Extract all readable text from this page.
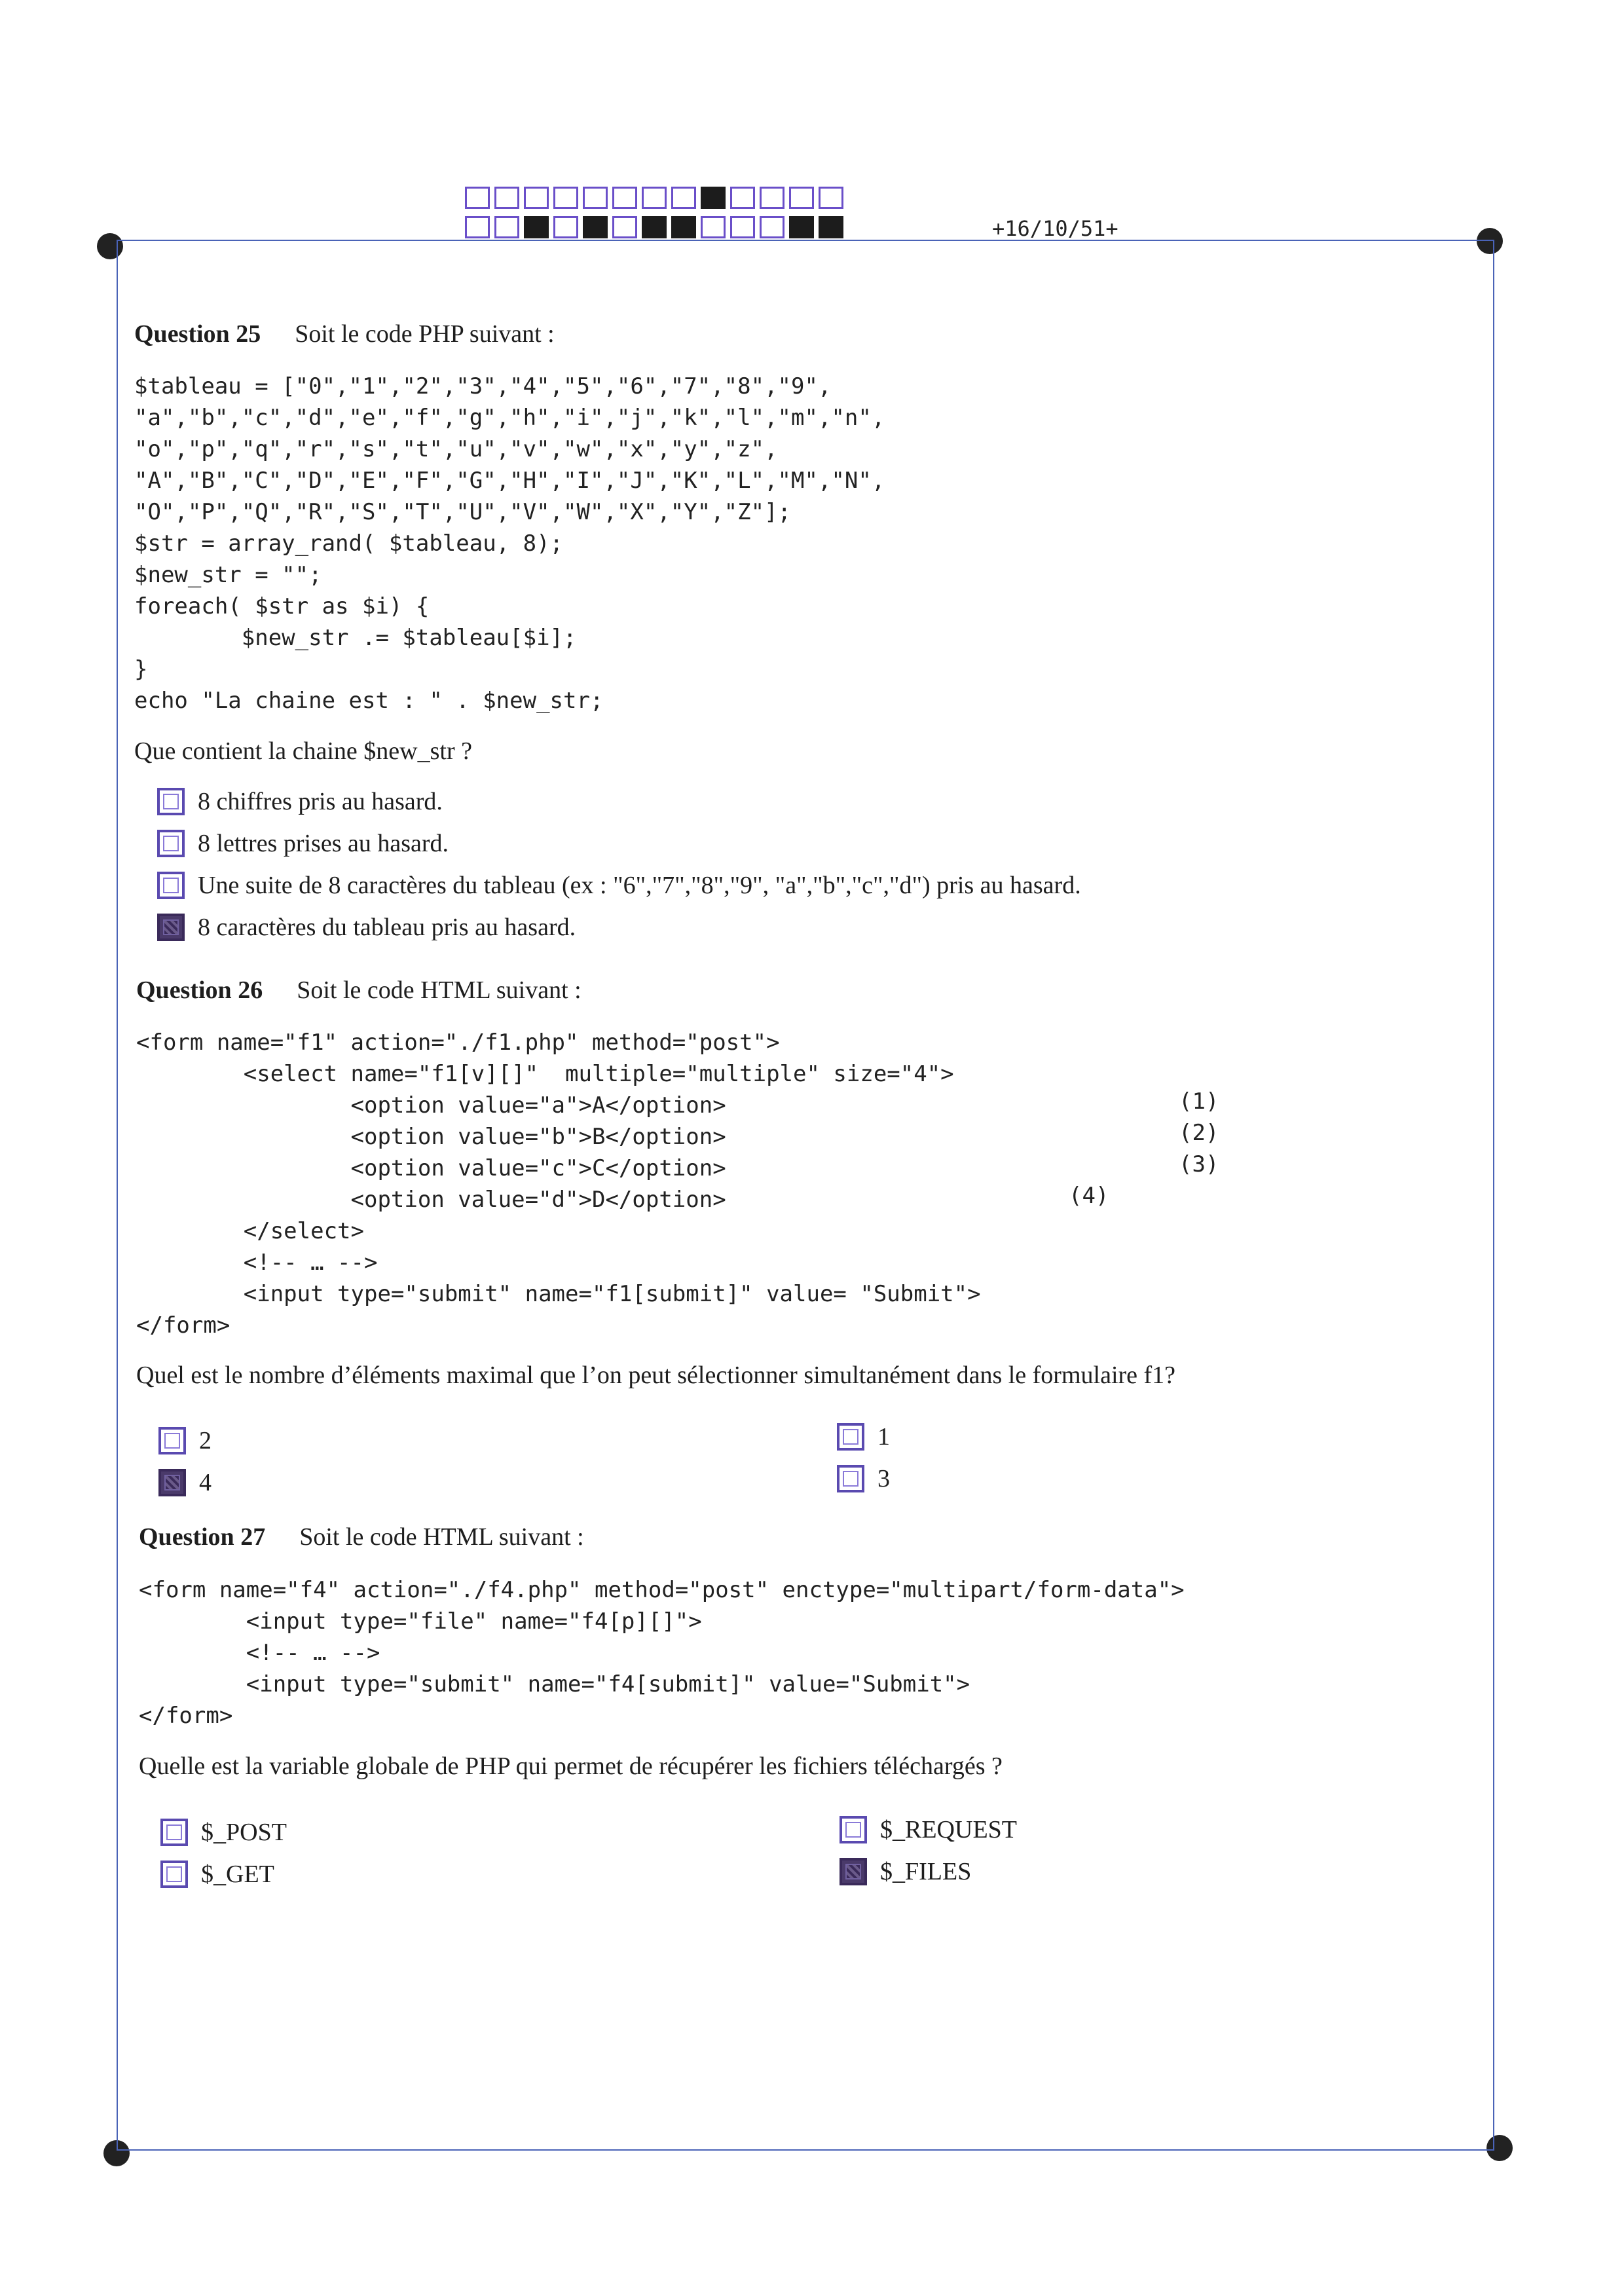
+16/10/51+
Question 25 Soit le code PHP suivant :
$tableau = ["0","1","2","3","4","5","6","7","8","9",
"a","b","c","d","e","f","g","h","i","j","k","l","m","n",
"o","p","q","r","s","t","u","v","w","x","y","z",
"A","B","C","D","E","F","G","H","I","J","K","L","M","N",
"O","P","Q","R","S","T","U","V","W","X","Y","Z"];
$str = array_rand( $tableau, 8);
$new_str = "";
foreach( $str as $i) {
$new_str .= $tableau[$i];
}
echo "La chaine est : " . $new_str;
Que contient la chaine $new_str ?
8 chiffres pris au hasard.
8 lettres prises au hasard.
Une suite de 8 caractères du tableau (ex : "6","7","8","9", "a","b","c","d") pris au hasard.
8 caractères du tableau pris au hasard.
Question 26 Soit le code HTML suivant :
<form name="f1" action="./f1.php" method="post">
<select name="f1[v][]"  multiple="multiple" size="4">
<option value="a">A</option>
<option value="b">B</option>
<option value="c">C</option>
<option value="d">D</option>
</select>
<!-- … -->
<input type="submit" name="f1[submit]" value= "Submit">
</form>
(1)
(2)
(3)
(4)
Quel est le nombre d’éléments maximal que l’on peut sélectionner simultanément dans le formulaire f1?
2
4
1
3
Question 27 Soit le code HTML suivant :
<form name="f4" action="./f4.php" method="post" enctype="multipart/form-data">
<input type="file" name="f4[p][]">
<!-- … -->
<input type="submit" name="f4[submit]" value="Submit">
</form>
Quelle est la variable globale de PHP qui permet de récupérer les fichiers téléchargés ?
$_POST
$_GET
$_REQUEST
$_FILES
